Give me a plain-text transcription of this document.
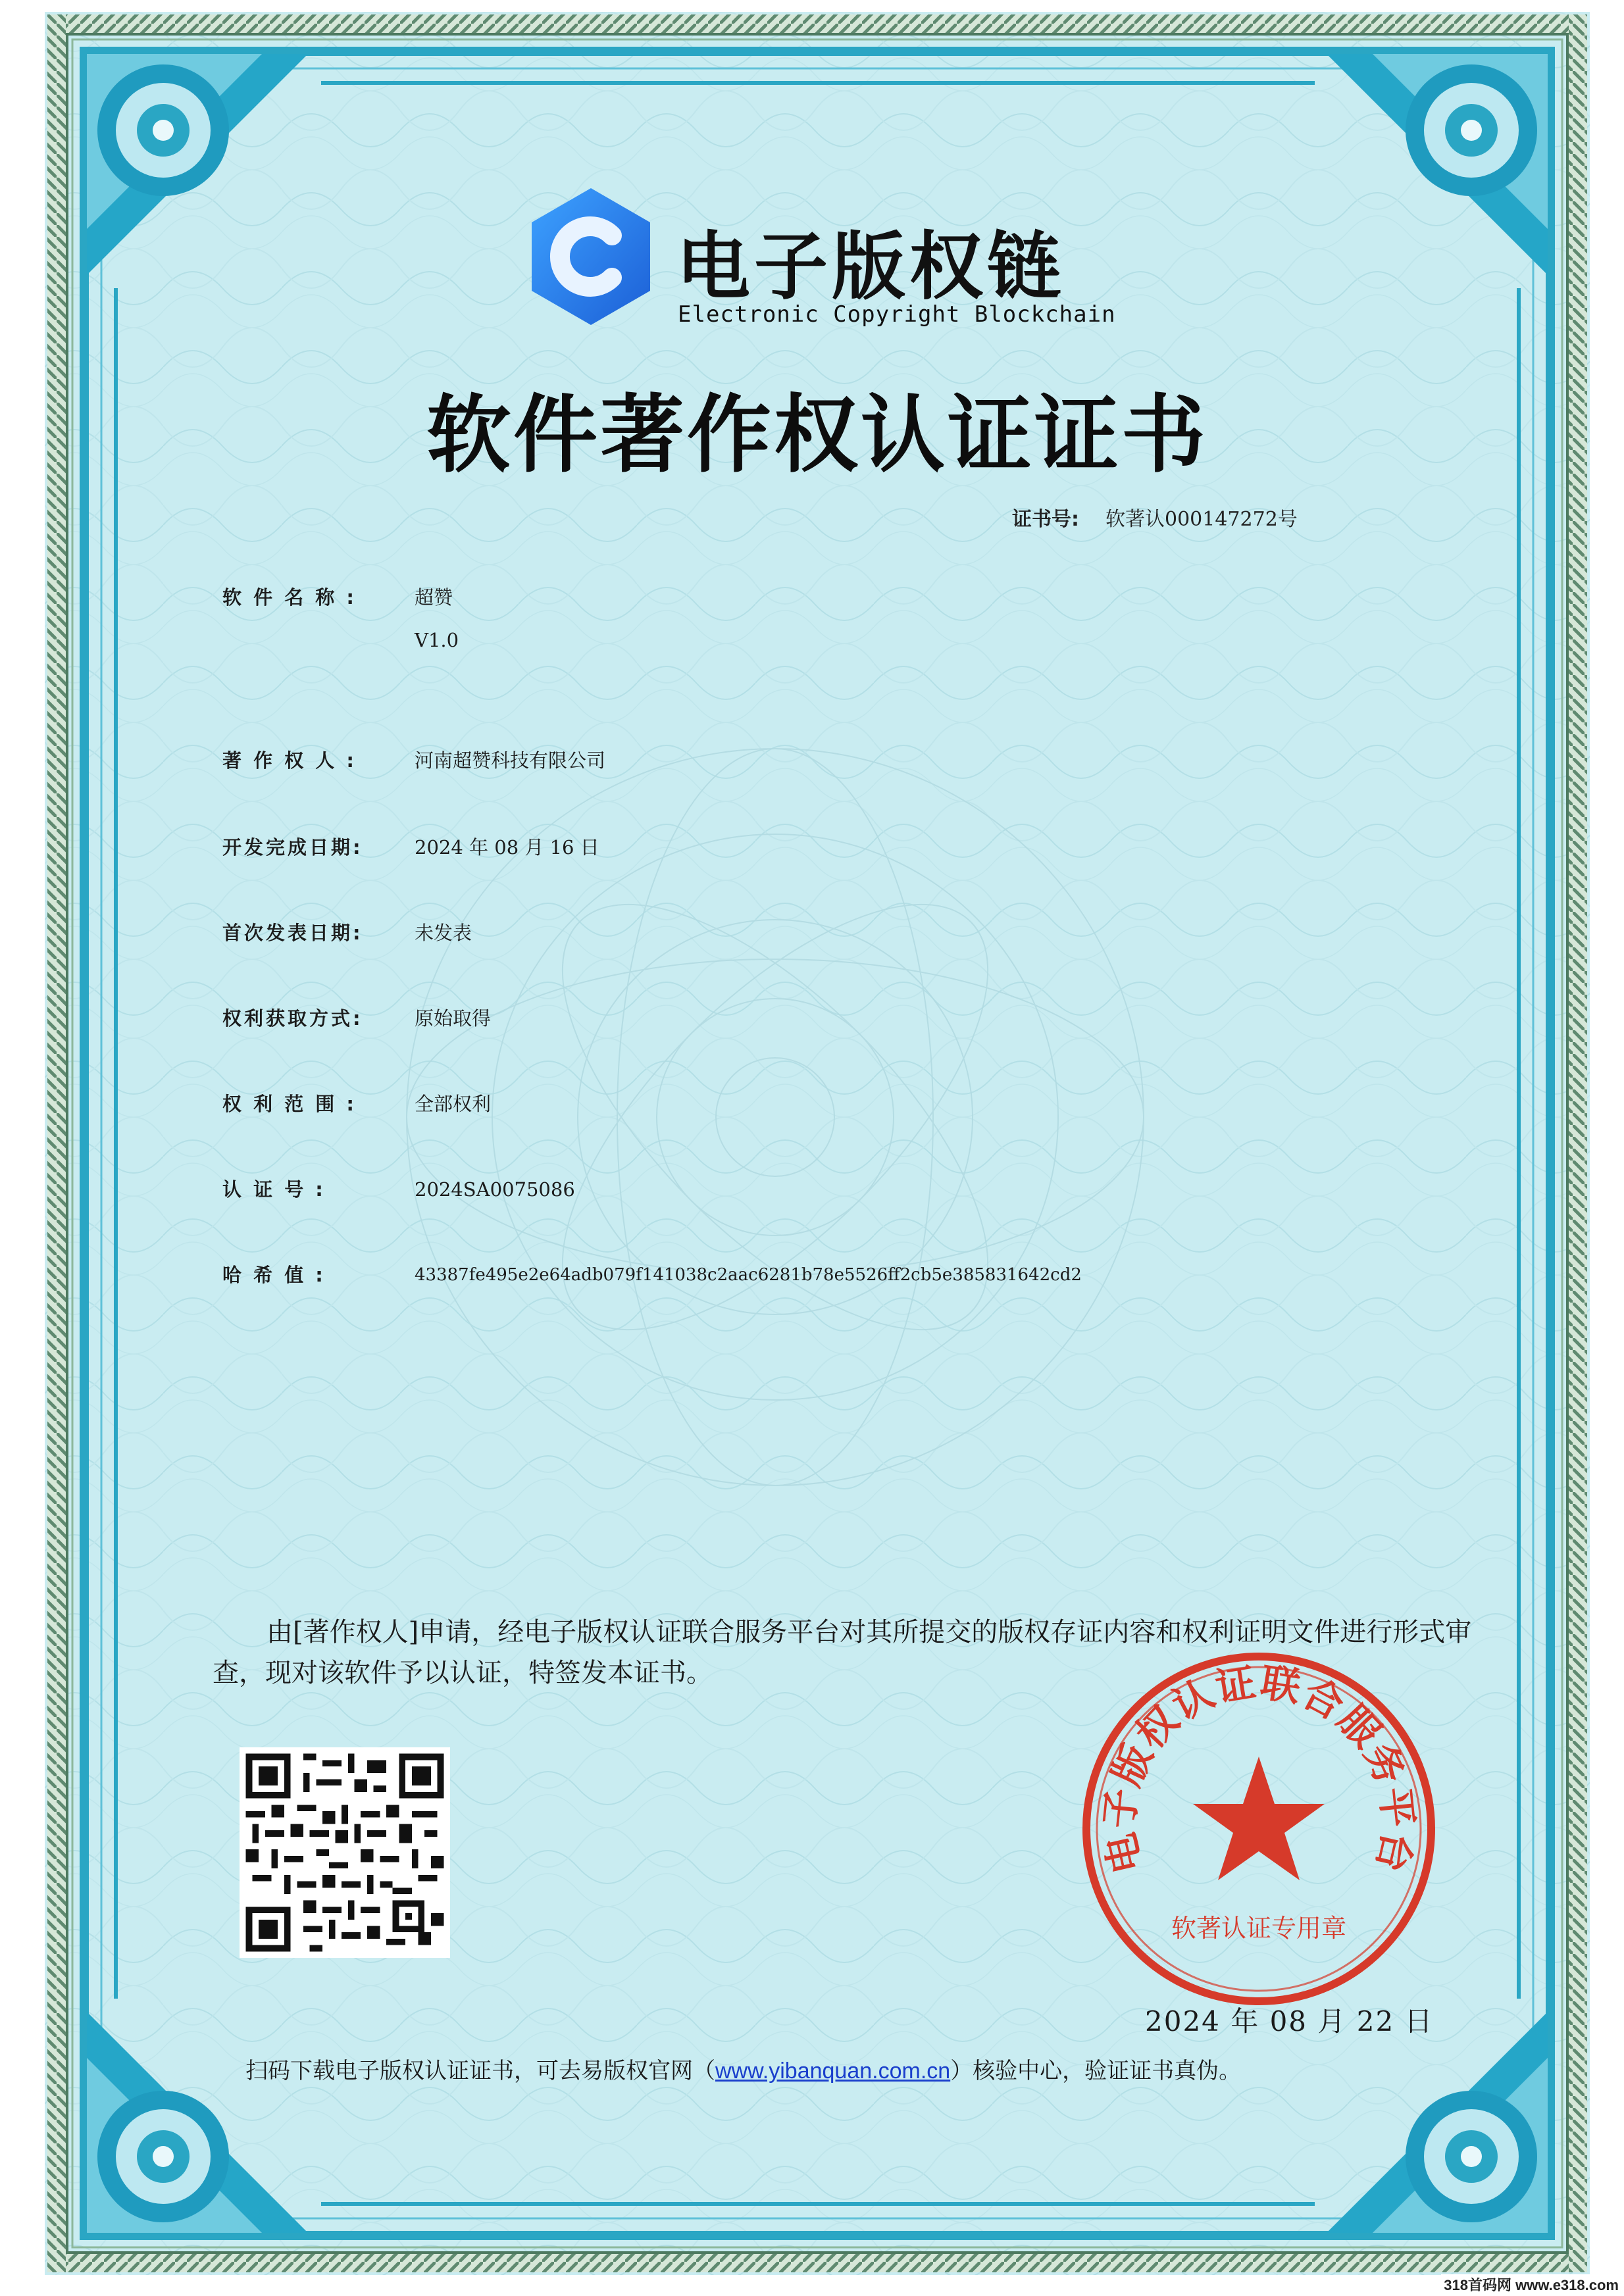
电子版权链
Electronic Copyright Blockchain
软件著作权认证证书
证书号: 软著认000147272号
软 件 名 称 :	超赞
V1.0
著 作 权 人 :	河南超赞科技有限公司
开发完成日期:	2024 年 08 月 16 日
首次发表日期:	未发表
权利获取方式:	原始取得
权 利 范 围 :	全部权利
认 证 号 :	2024SA0075086
哈 希 值 :	43387fe495e2e64adb079f141038c2aac6281b78e5526ff2cb5e385831642cd2
由[著作权人]申请，经电子版权认证联合服务平台对其所提交的版权存证内容和权利证明文件进行形式审查，现对该软件予以认证，特签发本证书。
电子版权认证联合服务平台
软著认证专用章
2024 年 08 月 22 日
扫码下载电子版权认证证书，可去易版权官网（www.yibanquan.com.cn）核验中心，验证证书真伪。
318首码网 www.e318.com
